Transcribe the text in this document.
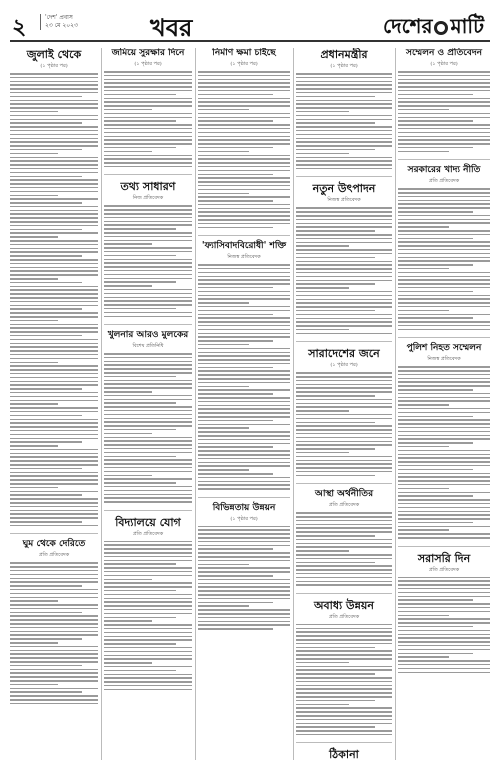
২	'দেশ' প্রবাস
২৩ মে ২০২৩	খবর	দেশের মাটি
জুলাই থেকে
(১ পৃষ্ঠার পর)
ঘুম থেকে দেরিতে
প্রতি প্রতিবেদক
জমিয়ে সুরক্ষার দিনে
(১ পৃষ্ঠার পর)
তথ্য সাধারণ
নিজ প্রতিবেদক
খুলনার আরও মুলকের
বিশেষ প্রতিনিধি
বিদ্যালয়ে যোগ
প্রতি প্রতিবেদক
নির্মাণ ক্ষমা চাইছে
(১ পৃষ্ঠার পর)
'ফ্যাসিবাদবিরোধী' শক্তি
নিজস্ব প্রতিবেদক
বিভিন্নতায় উন্নয়ন
(১ পৃষ্ঠার পর)
প্রধানমন্ত্রীর
(১ পৃষ্ঠার পর)
নতুন উৎপাদন
নিজস্ব প্রতিবেদক
সারাদেশের জনে
(১ পৃষ্ঠার পর)
আস্থা অর্থনীতির
প্রতি প্রতিবেদক
অবাধ্য উন্নয়ন
প্রতি প্রতিবেদক
ঠিকানা
সম্মেলন ও প্রতিবেদন
(১ পৃষ্ঠার পর)
সরকারের খাদ্য নীতি
প্রতি প্রতিবেদক
পুলিশ নিহত সম্মেলন
নিজস্ব প্রতিবেদক
সরাসরি দিন
প্রতি প্রতিবেদক
